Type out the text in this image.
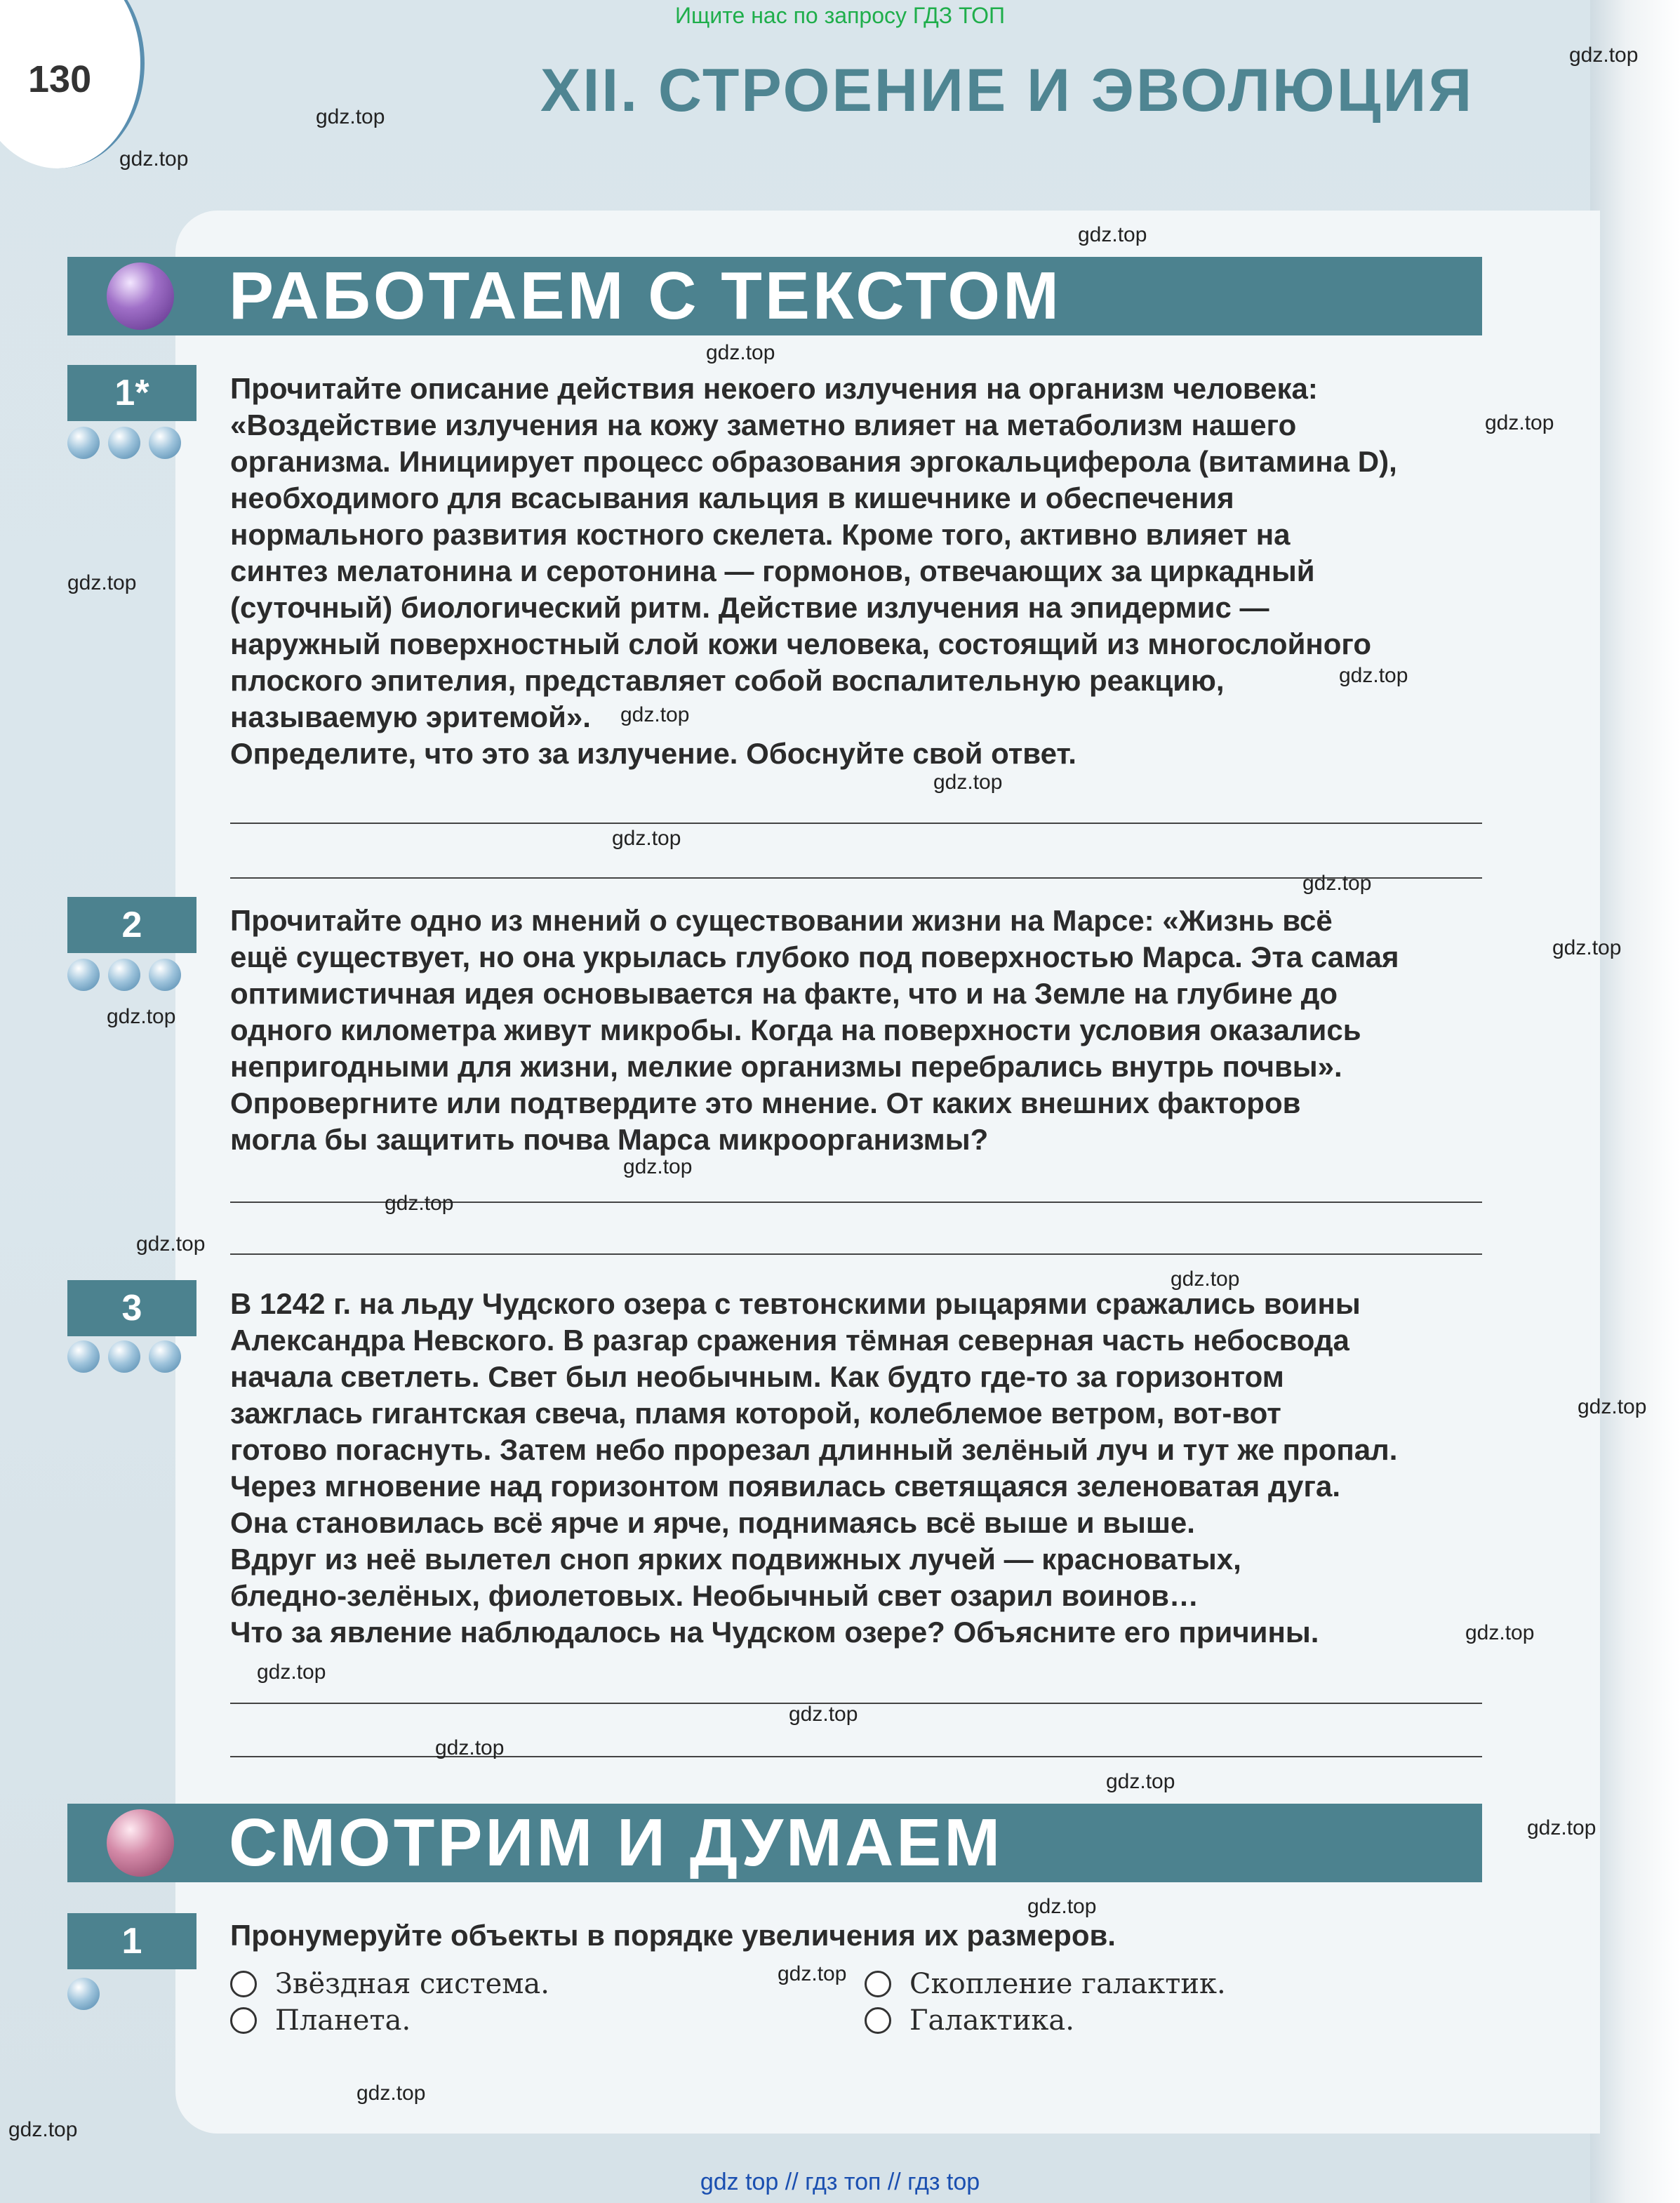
Ищите нас по запросу ГДЗ ТОП
130	XII. СТРОЕНИЕ И ЭВОЛЮЦИЯ
РАБОТАЕМ С ТЕКСТОМ
1*	Прочитайте описание действия некоего излучения на организм человека:

«Воздействие излучения на кожу заметно влияет на метаболизм нашего

организма. Инициирует процесс образования эргокальциферола (витамина D),

необходимого для всасывания кальция в кишечнике и обеспечения

нормального развития костного скелета. Кроме того, активно влияет на

синтез мелатонина и серотонина — гормонов, отвечающих за циркадный

(суточный) биологический ритм. Действие излучения на эпидермис —

наружный поверхностный слой кожи человека, состоящий из многослойного

плоского эпителия, представляет собой воспалительную реакцию,

называемую эритемой».

Определите, что это за излучение. Обоснуйте свой ответ.

2	Прочитайте одно из мнений о существовании жизни на Марсе: «Жизнь всё

ещё существует, но она укрылась глубоко под поверхностью Марса. Эта самая

оптимистичная идея основывается на факте, что и на Земле на глубине до

одного километра живут микробы. Когда на поверхности условия оказались

непригодными для жизни, мелкие организмы перебрались внутрь почвы».

Опровергните или подтвердите это мнение. От каких внешних факторов

могла бы защитить почва Марса микроорганизмы?

3	В 1242 г. на льду Чудского озера с тевтонскими рыцарями сражались воины

Александра Невского. В разгар сражения тёмная северная часть небосвода

начала светлеть. Свет был необычным. Как будто где-то за горизонтом

зажглась гигантская свеча, пламя которой, колеблемое ветром, вот-вот

готово погаснуть. Затем небо прорезал длинный зелёный луч и тут же пропал.

Через мгновение над горизонтом появилась светящаяся зеленоватая дуга.

Она становилась всё ярче и ярче, поднимаясь всё выше и выше.

Вдруг из неё вылетел сноп ярких подвижных лучей — красноватых,

бледно-зелёных, фиолетовых. Необычный свет озарил воинов…

Что за явление наблюдалось на Чудском озере? Объясните его причины.

СМОТРИМ И ДУМАЕМ
1	Пронумеруйте объекты в порядке увеличения их размеров.

Звёздная система.
Планета.
Скопление галактик.
Галактика.
gdz.top
gdz.top
gdz.top
gdz.top
gdz.top
gdz.top
gdz.top
gdz.top
gdz.top
gdz.top
gdz.top
gdz.top
gdz.top
gdz.top
gdz.top
gdz.top
gdz.top
gdz.top
gdz.top
gdz.top
gdz.top
gdz.top
gdz.top
gdz.top
gdz.top
gdz.top
gdz.top
gdz.top
gdz.top
gdz top // гдз топ // гдз top
